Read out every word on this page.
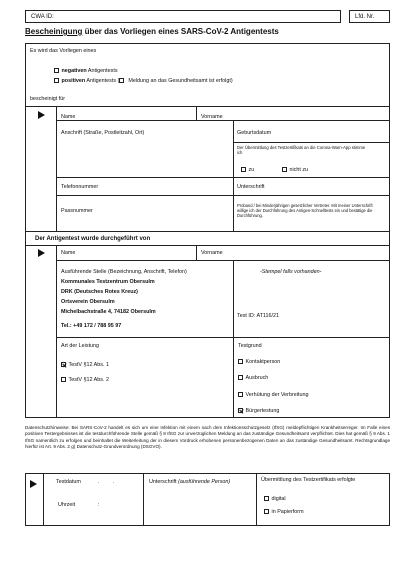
CWA ID:	Lfd. Nr.
Bescheinigung über das Vorliegen eines SARS-CoV-2 Antigentests
Es wird das Vorliegen eines
negativen Antigentests
positiven Antigentests ( Meldung an das Gesundheitsamt ist erfolgt)
bescheinigt für
Name	Vorname
Anschrift (Straße, Postleitzahl, Ort)	Geburtsdatum
Der Übermittlung des Testzertifikats an die Corona-Warn-App stimme ich
zu	nicht zu
Telefonnummer	Unterschrift
Passnummer
Proband / bei Minderjährigen gesetzlicher Vertreter. Mit meiner Unterschrift willige ich der Durchführung des Antigen-Schnelltests ein und bestätige die Durchführung.
Der Antigentest wurde durchgeführt von
Name	Vorname
Ausführende Stelle (Bezeichnung, Anschrift, Telefon)	-Stempel falls vorhanden-
Kommunales Testzentrum Obersulm
DRK (Deutsches Rotes Kreuz)
Ortsverein Obersulm
Michelbachstraße 4, 74182 Obersulm
Tel.: +49 172 / 788 95 97
Test ID: AT116/21
Art der Leistung
TestV §12 Abs. 1
TestV §12 Abs. 2
Testgrund
Kontaktperson
Ausbruch
Verhütung der Verbreitung
Bürgertestung
Datenschutzhinweise: Bei SARS-CoV-2 handelt es sich um eine Infektion mit einem nach dem Infektionsschutzgesetz (IfSG) meldepflichtigen Krankheitserreger. Im Falle eines positiven Testergebnisses ist die testdurchführende Stelle gemäß § 8 IfSG zur unverzüglichen Meldung an das zuständige Gesundheitsamt verpflichtet. Dies hat gemäß § 9 Abs. 1 IfSG namentlich zu erfolgen und beinhaltet die Weiterleitung der in diesem Vordruck erhobenen personenbezogenen Daten an das zuständige Gesundheitsamt. Rechtsgrundlage hierfür ist Art. 9 Abs. 2 g) Datenschutz-Grundverordnung (DSGVO).
Testdatum	. .
Uhrzeit	:
Unterschrift (ausführende Person)	Übermittlung des Testzertifikats erfolgte
digital
in Papierform
